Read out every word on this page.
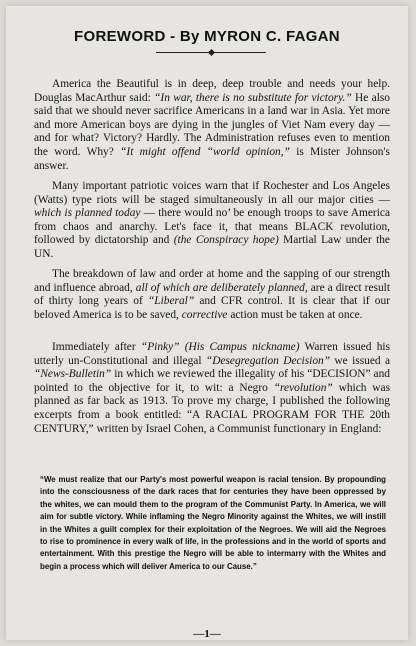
FOREWORD - By MYRON C. FAGAN

America the Beautiful is in deep, deep trouble and needs your help. Douglas MacArthur said: “In war, there is no substitute for victory.” He also said that we should never sacrifice Americans in a land war in Asia. Yet more and more American boys are dying in the jungles of Viet Nam every day — and for what? Victory? Hardly. The Administration refuses even to mention the word. Why? “It might offend “world opinion,” is Mister Johnson's answer.

Many important patriotic voices warn that if Rochester and Los Angeles (Watts) type riots will be staged simultaneously in all our major cities — which is planned today — there would no’ be enough troops to save America from chaos and anarchy. Let's face it, that means BLACK revolution, followed by dictatorship and (the Conspiracy hope) Martial Law under the UN.

The breakdown of law and order at home and the sapping of our strength and influence abroad, all of which are deliberately planned, are a direct result of thirty long years of “Liberal” and CFR control. It is clear that if our beloved America is to be saved, corrective action must be taken at once.

Immediately after “Pinky” (His Campus nickname) Warren issued his utterly un-Constitutional and illegal “Desegregation Decision” we issued a “News-Bulletin” in which we reviewed the illegality of his “DECISION” and pointed to the objective for it, to wit: a Negro “revolution” which was planned as far back as 1913. To prove my charge, I published the following excerpts from a book entitled: “A RACIAL PROGRAM FOR THE 20th CENTURY,” written by Israel Cohen, a Communist functionary in England:

“We must realize that our Party's most powerful weapon is racial tension. By propounding into the consciousness of the dark races that for centuries they have been oppressed by the whites, we can mould them to the program of the Communist Party. In America, we will aim for subtle victory. While inflaming the Negro Minority against the Whites, we will instill in the Whites a guilt complex for their exploitation of the Negroes. We will aid the Negroes to rise to prominence in every walk of life, in the professions and in the world of sports and entertainment. With this prestige the Negro will be able to intermarry with the Whites and begin a process which will deliver America to our Cause.”

—1—
